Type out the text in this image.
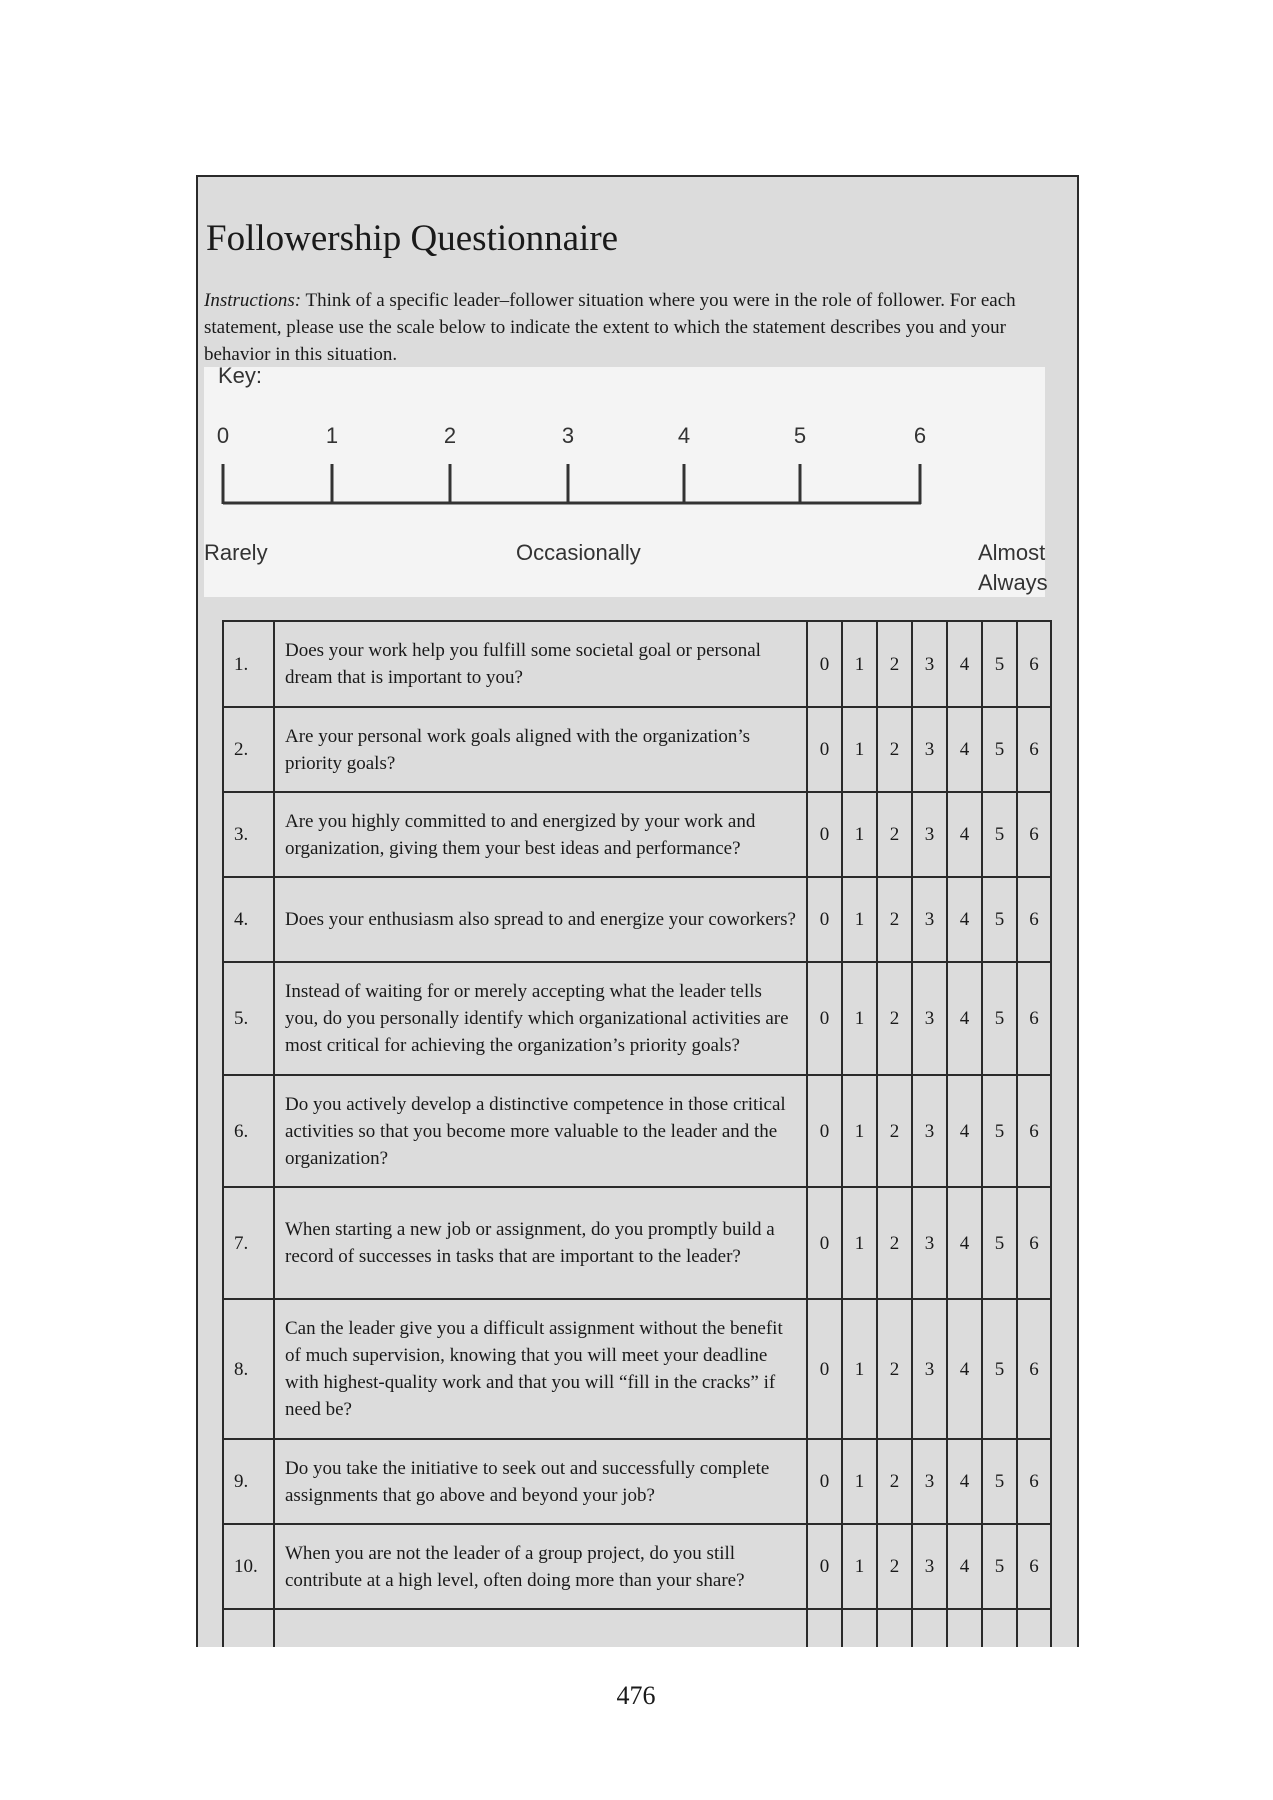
Followership Questionnaire

Instructions: Think of a specific leader–follower situation where you were in the role of follower. For each statement, please use the scale below to indicate the extent to which the statement describes you and your behavior in this situation.

Key:
0	1	2	3	4	5	6
Rarely	Occasionally	Almost
Always
1.	Does your work help you fulfill some societal goal or personal dream that is important to you?	0	1	2	3	4	5	6
2.	Are your personal work goals aligned with the organization’s priority goals?	0	1	2	3	4	5	6
3.	Are you highly committed to and energized by your work and organization, giving them your best ideas and performance?	0	1	2	3	4	5	6
4.	Does your enthusiasm also spread to and energize your coworkers?	0	1	2	3	4	5	6
5.	Instead of waiting for or merely accepting what the leader tells you, do you personally identify which organizational activities are most critical for achieving the organization’s priority goals?	0	1	2	3	4	5	6
6.	Do you actively develop a distinctive competence in those critical activities so that you become more valuable to the leader and the organization?	0	1	2	3	4	5	6
7.	When starting a new job or assignment, do you promptly build a record of successes in tasks that are important to the leader?	0	1	2	3	4	5	6
8.	Can the leader give you a difficult assignment without the benefit of much supervision, knowing that you will meet your deadline with highest-quality work and that you will “fill in the cracks” if need be?	0	1	2	3	4	5	6
9.	Do you take the initiative to seek out and successfully complete assignments that go above and beyond your job?	0	1	2	3	4	5	6
10.	When you are not the leader of a group project, do you still contribute at a high level, often doing more than your share?	0	1	2	3	4	5	6

476
